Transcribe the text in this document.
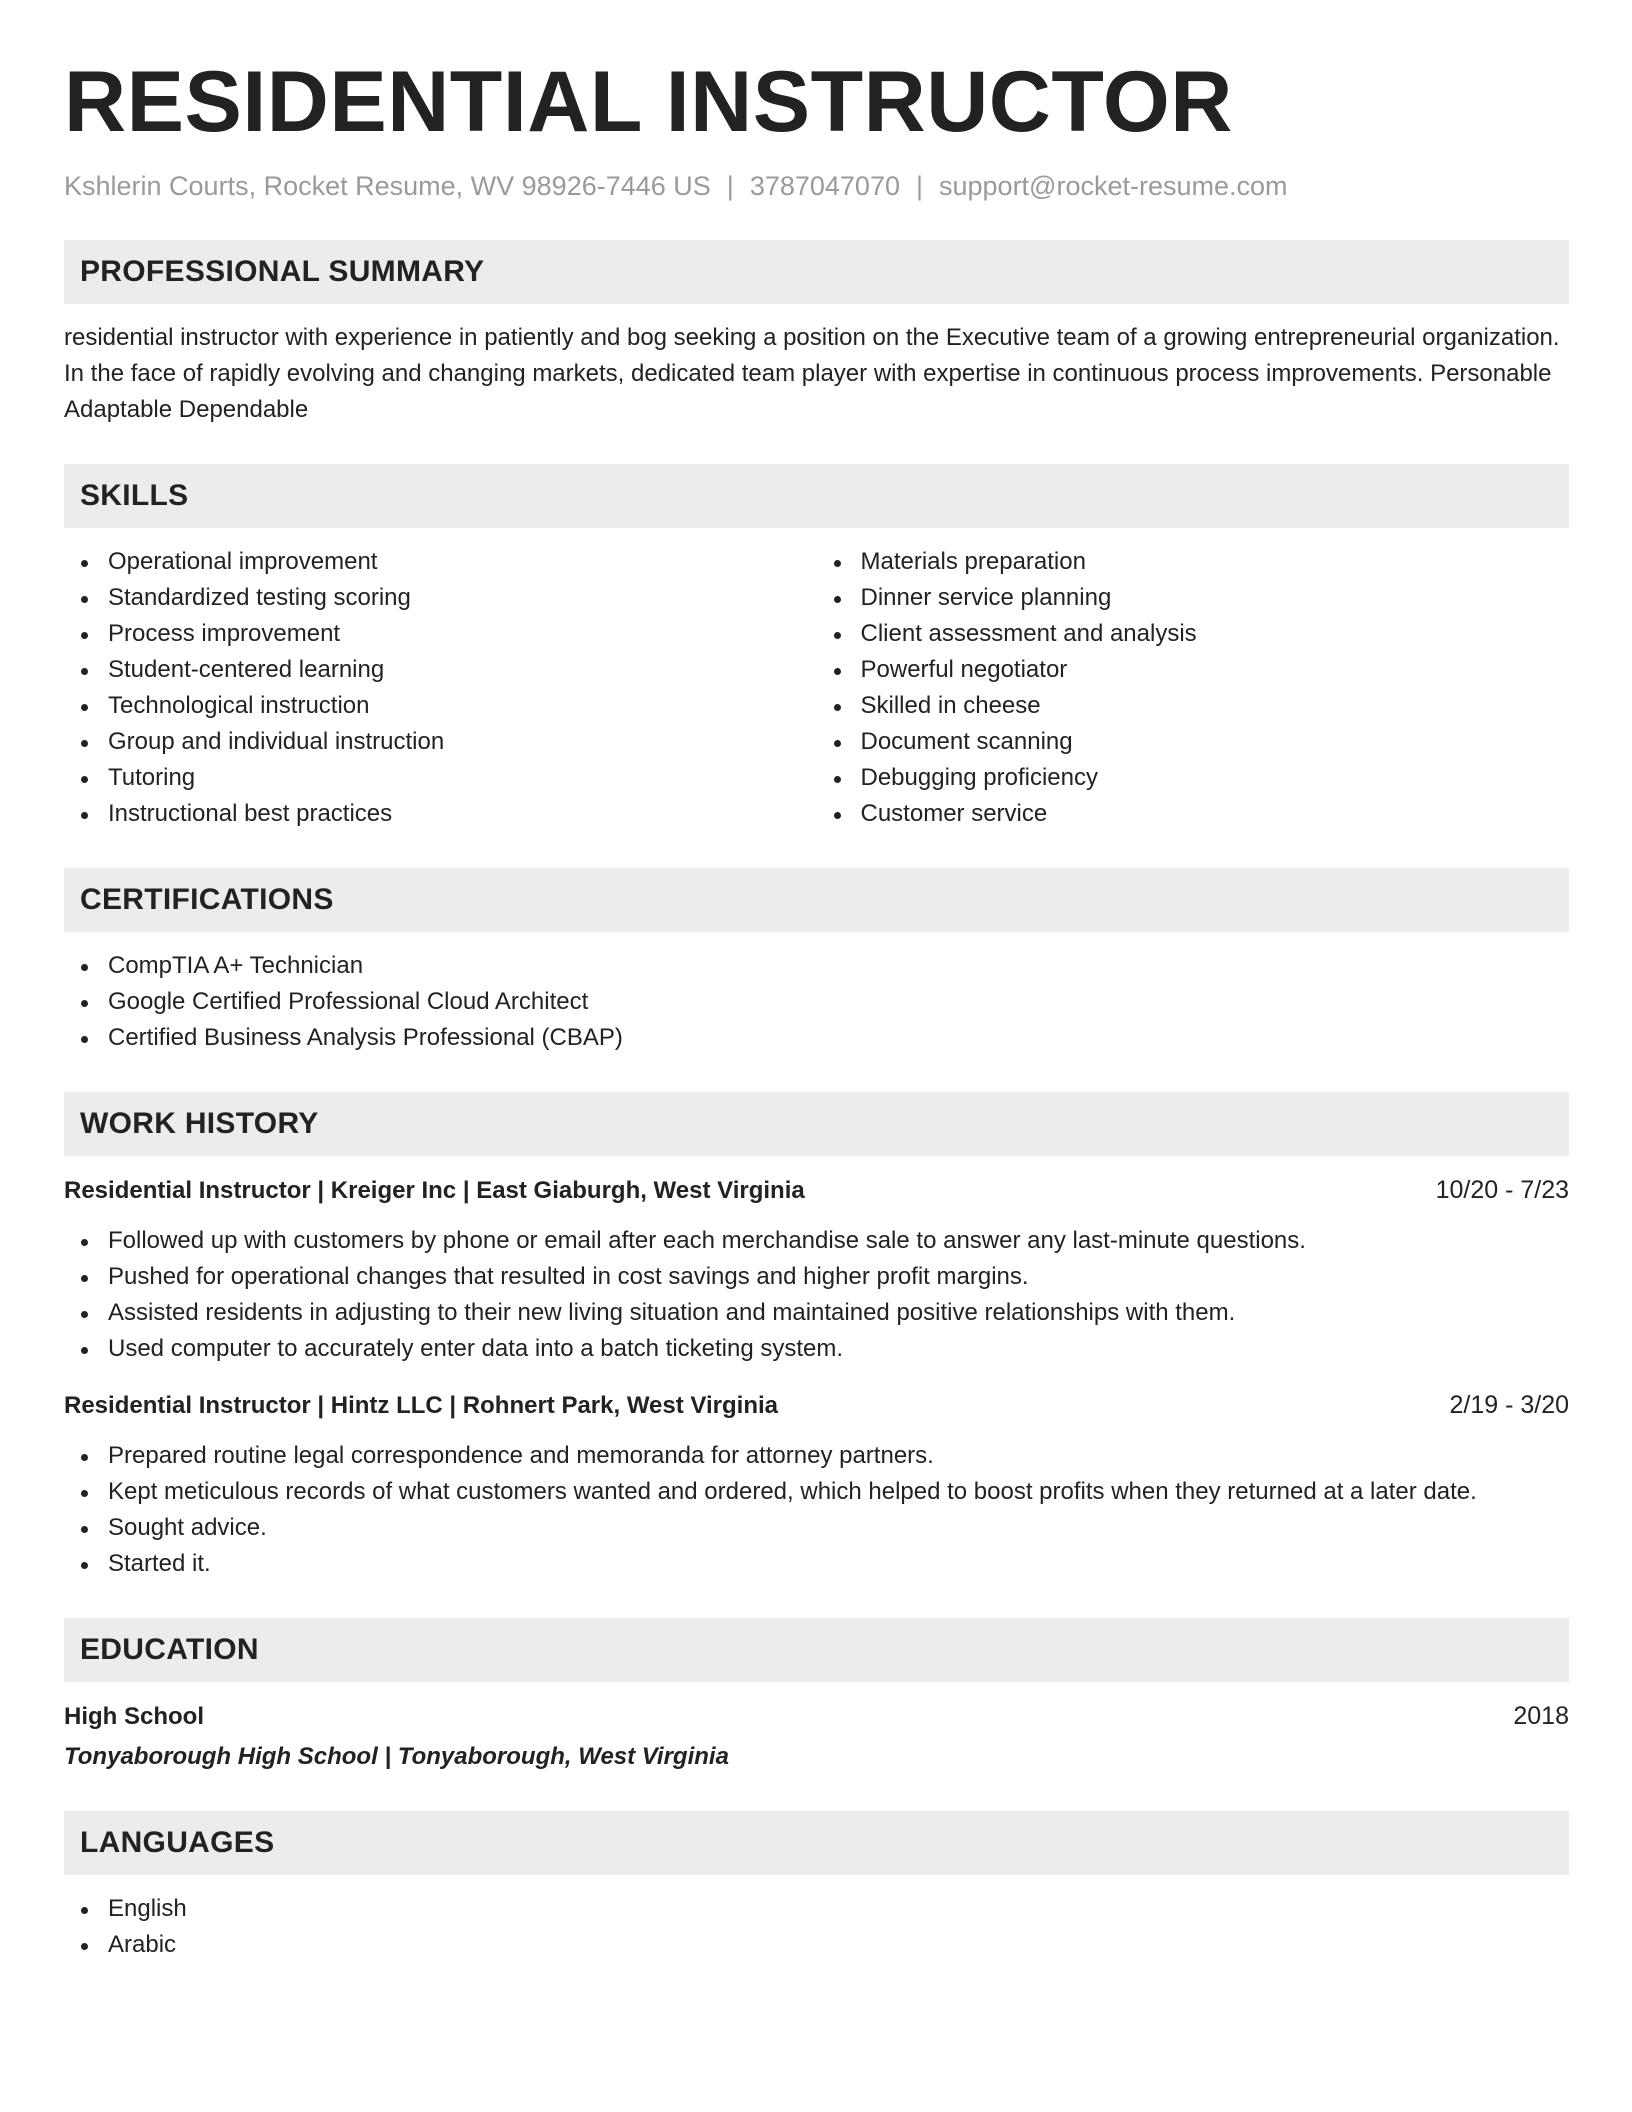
RESIDENTIAL INSTRUCTOR
Kshlerin Courts, Rocket Resume, WV 98926-7446 US | 3787047070 | support@rocket-resume.com
PROFESSIONAL SUMMARY
residential instructor with experience in patiently and bog seeking a position on the Executive team of a growing entrepreneurial organization. In the face of rapidly evolving and changing markets, dedicated team player with expertise in continuous process improvements. Personable Adaptable Dependable
SKILLS
Operational improvement
Standardized testing scoring
Process improvement
Student-centered learning
Technological instruction
Group and individual instruction
Tutoring
Instructional best practices
Materials preparation
Dinner service planning
Client assessment and analysis
Powerful negotiator
Skilled in cheese
Document scanning
Debugging proficiency
Customer service
CERTIFICATIONS
CompTIA A+ Technician
Google Certified Professional Cloud Architect
Certified Business Analysis Professional (CBAP)
WORK HISTORY
Residential Instructor | Kreiger Inc | East Giaburgh, West Virginia	10/20 - 7/23
Followed up with customers by phone or email after each merchandise sale to answer any last-minute questions.
Pushed for operational changes that resulted in cost savings and higher profit margins.
Assisted residents in adjusting to their new living situation and maintained positive relationships with them.
Used computer to accurately enter data into a batch ticketing system.
Residential Instructor | Hintz LLC | Rohnert Park, West Virginia	2/19 - 3/20
Prepared routine legal correspondence and memoranda for attorney partners.
Kept meticulous records of what customers wanted and ordered, which helped to boost profits when they returned at a later date.
Sought advice.
Started it.
EDUCATION
High School	2018
Tonyaborough High School | Tonyaborough, West Virginia
LANGUAGES
English
Arabic
